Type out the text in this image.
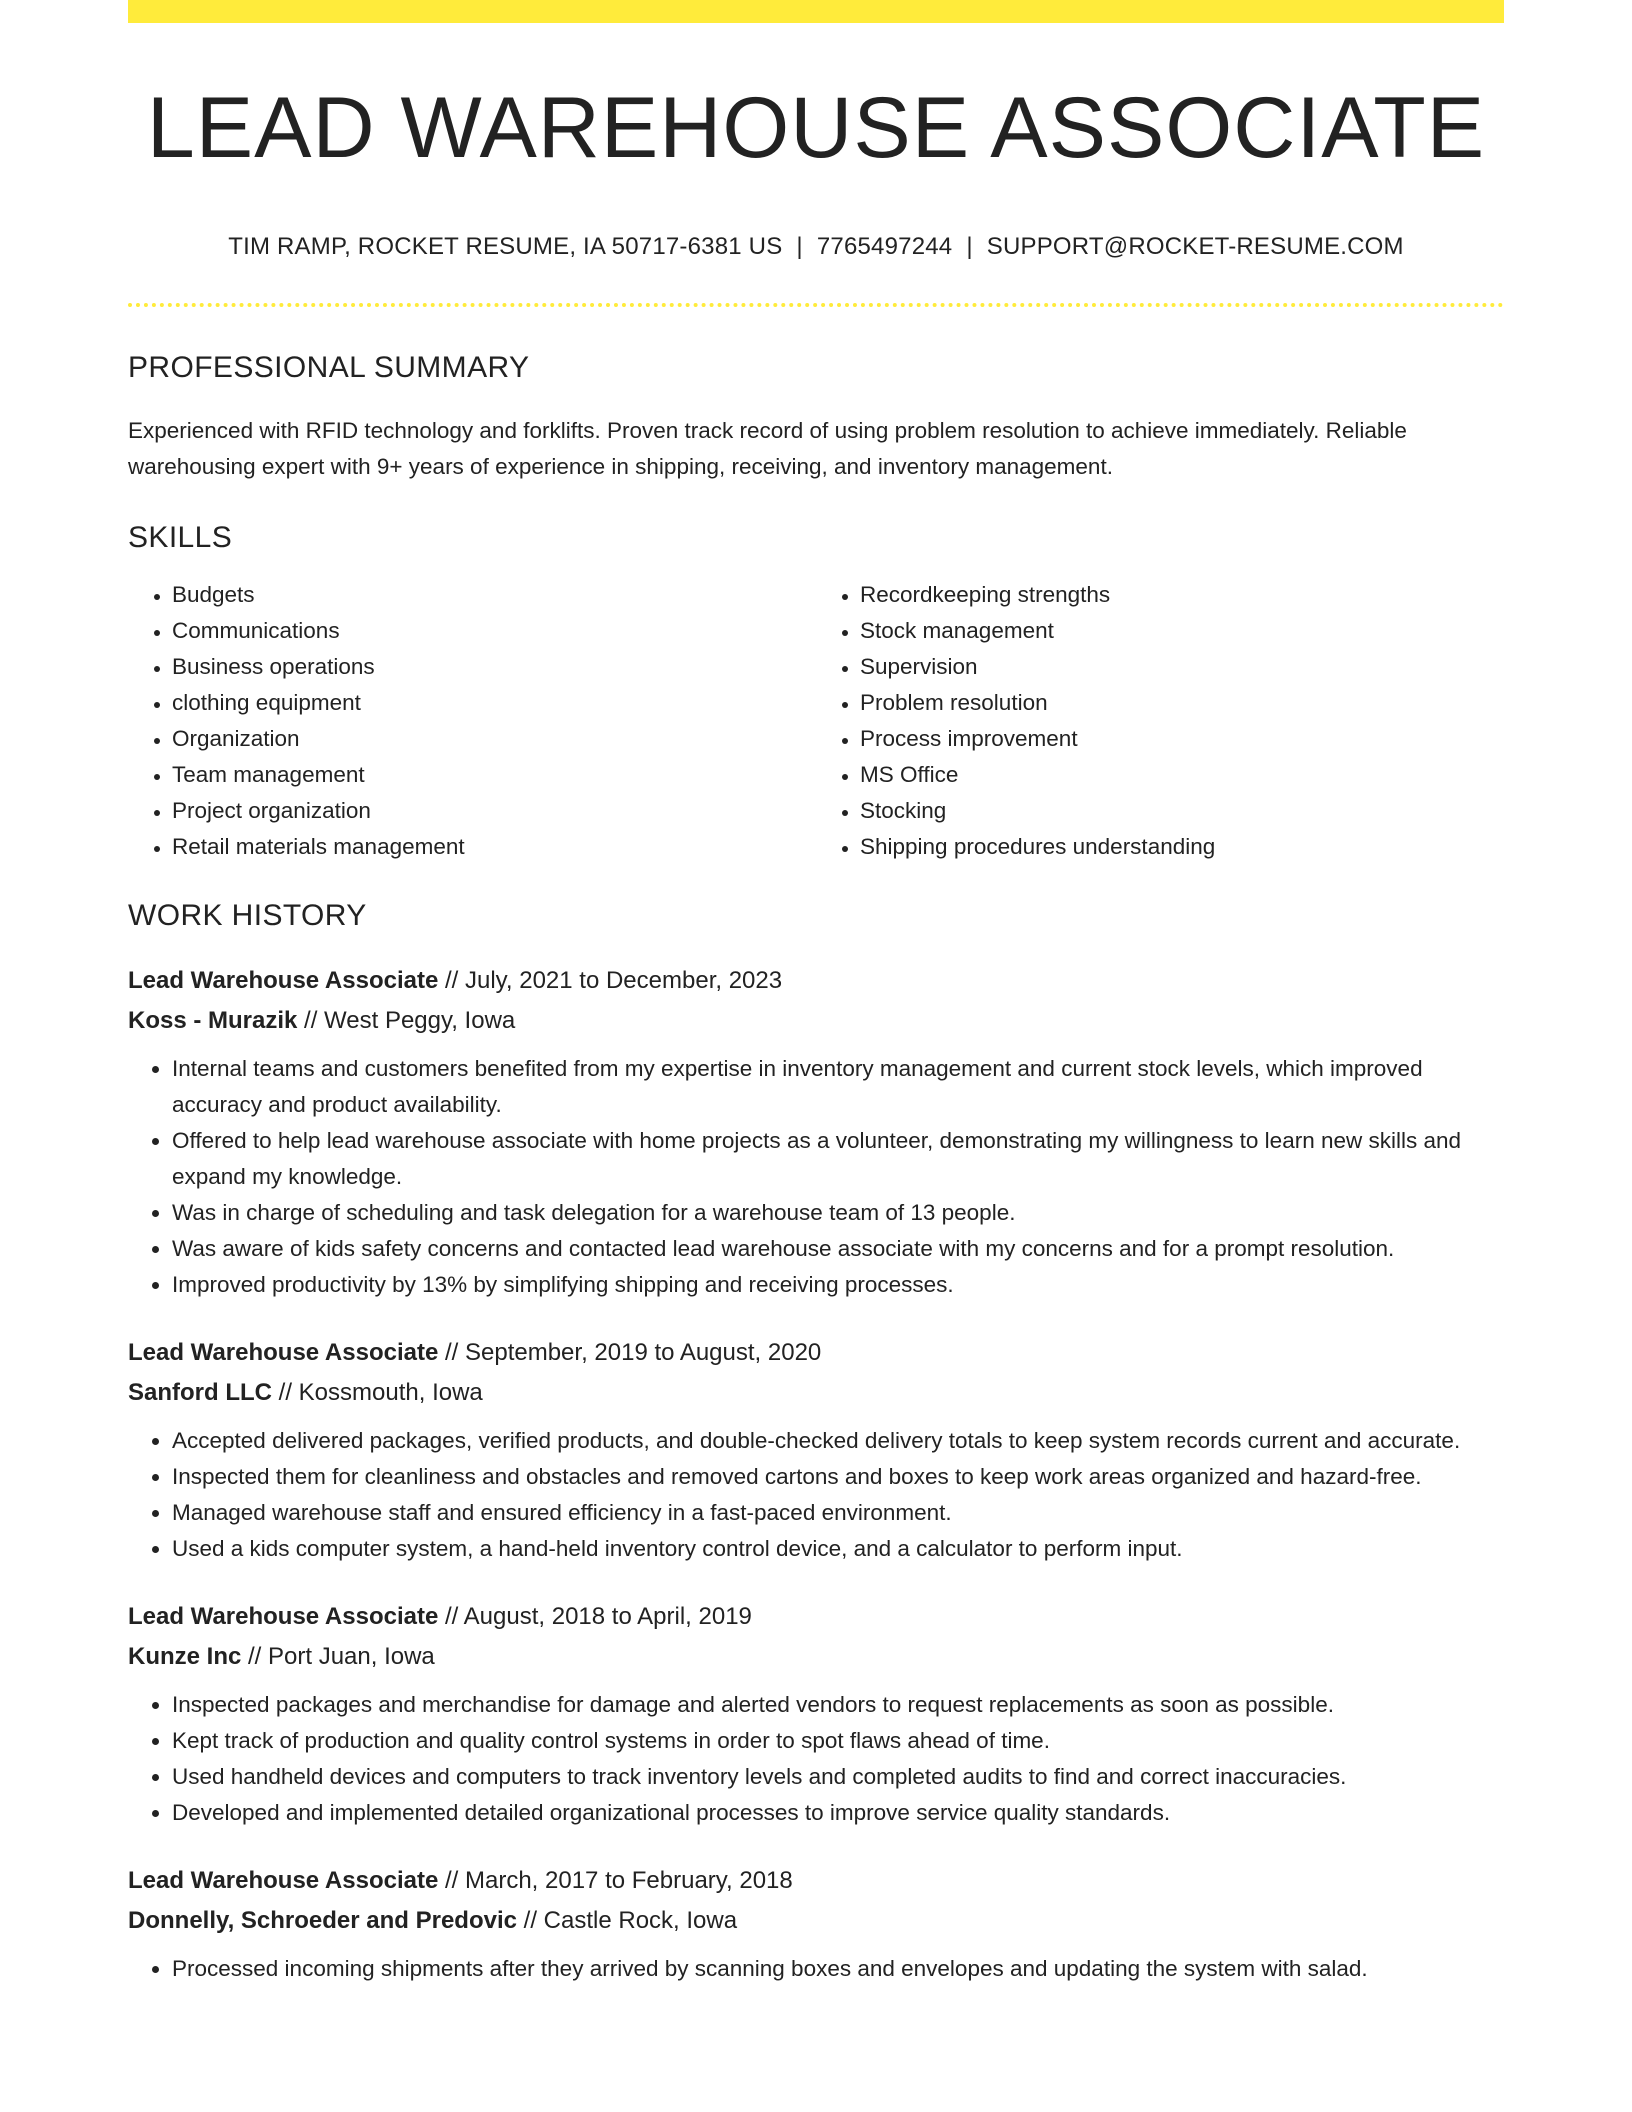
LEAD WAREHOUSE ASSOCIATE
TIM RAMP, ROCKET RESUME, IA 50717-6381 US | 7765497244 | SUPPORT@ROCKET-RESUME.COM
PROFESSIONAL SUMMARY
Experienced with RFID technology and forklifts. Proven track record of using problem resolution to achieve immediately. Reliable warehousing expert with 9+ years of experience in shipping, receiving, and inventory management.
SKILLS
• Budgets
• Communications
• Business operations
• clothing equipment
• Organization
• Team management
• Project organization
• Retail materials management
• Recordkeeping strengths
• Stock management
• Supervision
• Problem resolution
• Process improvement
• MS Office
• Stocking
• Shipping procedures understanding
WORK HISTORY
Lead Warehouse Associate // July, 2021 to December, 2023
Koss - Murazik // West Peggy, Iowa
• Internal teams and customers benefited from my expertise in inventory management and current stock levels, which improved accuracy and product availability.
• Offered to help lead warehouse associate with home projects as a volunteer, demonstrating my willingness to learn new skills and expand my knowledge.
• Was in charge of scheduling and task delegation for a warehouse team of 13 people.
• Was aware of kids safety concerns and contacted lead warehouse associate with my concerns and for a prompt resolution.
• Improved productivity by 13% by simplifying shipping and receiving processes.
Lead Warehouse Associate // September, 2019 to August, 2020
Sanford LLC // Kossmouth, Iowa
• Accepted delivered packages, verified products, and double-checked delivery totals to keep system records current and accurate.
• Inspected them for cleanliness and obstacles and removed cartons and boxes to keep work areas organized and hazard-free.
• Managed warehouse staff and ensured efficiency in a fast-paced environment.
• Used a kids computer system, a hand-held inventory control device, and a calculator to perform input.
Lead Warehouse Associate // August, 2018 to April, 2019
Kunze Inc // Port Juan, Iowa
• Inspected packages and merchandise for damage and alerted vendors to request replacements as soon as possible.
• Kept track of production and quality control systems in order to spot flaws ahead of time.
• Used handheld devices and computers to track inventory levels and completed audits to find and correct inaccuracies.
• Developed and implemented detailed organizational processes to improve service quality standards.
Lead Warehouse Associate // March, 2017 to February, 2018
Donnelly, Schroeder and Predovic // Castle Rock, Iowa
• Processed incoming shipments after they arrived by scanning boxes and envelopes and updating the system with salad.
